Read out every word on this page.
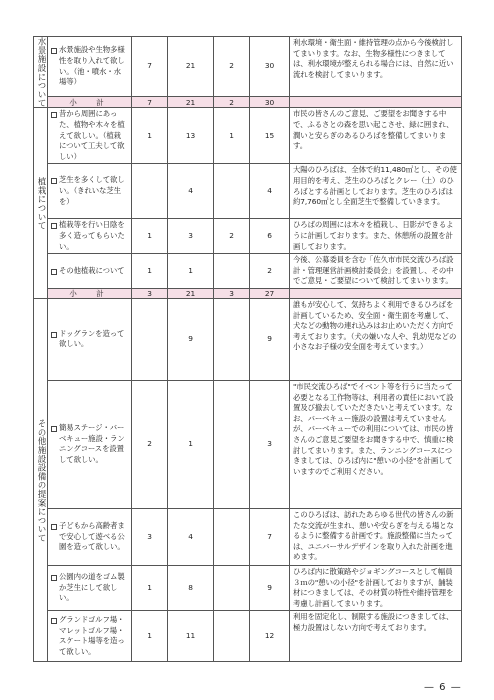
水景施設について	水景施設や生物多様性を取り入れて欲しい。（池・噴水・水場等）	7	21	2	30	利水環境・衛生面・維持管理の点から今後検討してまいります。なお、生物多様性につきましては、利水環境が整えられる場合には、自然に近い流れを検討してまいります。
	小　計	7	21	2	30	

植栽について	昔から周囲にあった、植物や木々を植えて欲しい。（植栽について工夫して欲しい）	1	13	1	15	市民の皆さんのご意見、ご要望をお聞きする中で、ふるさとの森を思い起こさせ、緑に囲まれ、潤いと安らぎのあるひろばを整備してまいります。

	芝生を多くして欲しい。（きれいな芝生を）		4		4	大陽のひろばは、全体で約11,480㎡とし、その使用目的を考え、芝生のひろばとクレー（土）のひろばとする計画としております。芝生のひろばは約7,760㎡とし全面芝生で整備していきます。

	植栽等を行い日陰を多く造ってもらいたい。	1	3	2	6	ひろばの周囲には木々を植栽し、日影ができるように計画しております。また、休憩所の設置を計画しております。

	その他植栽について	1	1		2	今後、公募委員を含む「佐久市市民交流ひろば設計・管理運営計画検討委員会」を設置し、その中でご意見・ご要望について検討してまいります。
	小　計	3	21	3	27	

その他施設設備の提案について	ドッグランを造って欲しい。		9		9	誰もが安心して、気持ちよく利用できるひろばを計画しているため、安全面・衛生面を考慮して、犬などの動物の連れ込みはお止めいただく方向で考えております。（犬の嫌いな人や、乳幼児などの小さなお子様の安全面を考えています。）

	簡易ステージ・バーベキュー施設・ランニングコースを設置して欲しい。	2	1		3	"市民交流ひろば"でイベント等を行うに当たって必要となる工作物等は、利用者の責任において設置及び撤去していただきたいと考えています。なお、バーベキュー施設の設置は考えていませんが、バーベキューでの利用については、市民の皆さんのご意見ご要望をお聞きする中で、慎重に検討してまいります。また、ランニングコースにつきましては、ひろば内に"憩いの小径"を計画していますのでご利用ください。

	子どもから高齢者まで安心して遊べる公園を造って欲しい。	3	4		7	このひろばは、訪れたあらゆる世代の皆さんの新たな交流が生まれ、憩いや安らぎを与える場となるように整備する計画です。施設整備に当たっては、ユニバーサルデザインを取り入れた計画を進めます。

	公園内の道をゴム製か芝生にして欲しい。	1	8		9	ひろば内に散策路やジョギングコースとして幅員３ｍの"憩いの小径"を計画しておりますが、舗装材につきましては、その材質の特性や維持管理を考慮し計画してまいります。

	グランドゴルフ場・マレットゴルフ場・スケート場等を造って欲しい。	1	11		12	利用を固定化し、制限する施設につきましては、極力設置はしない方向で考えております。
— 6 —
